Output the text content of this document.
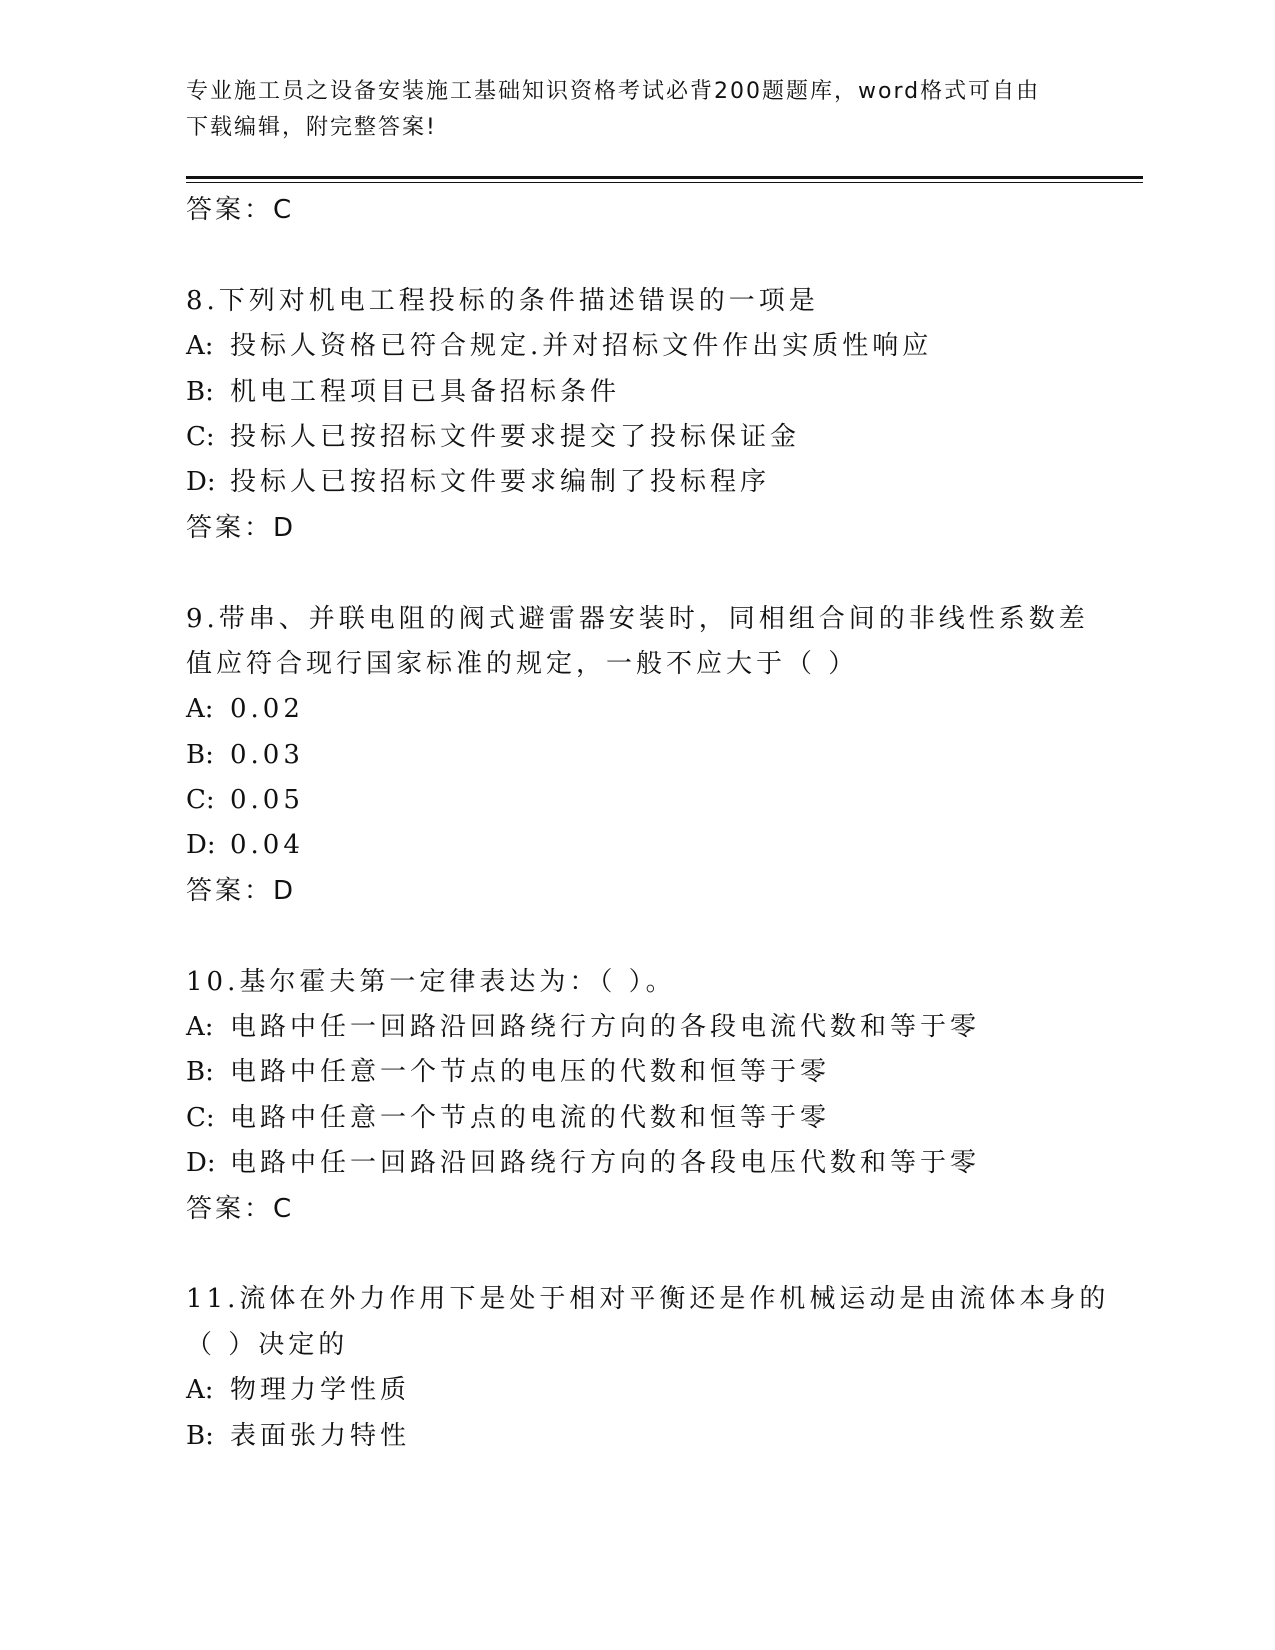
专业施工员之设备安装施工基础知识资格考试必背200题题库，word格式可自由
下载编辑，附完整答案!
答案：C
8.下列对机电工程投标的条件描述错误的一项是
A: 投标人资格已符合规定.并对招标文件作出实质性响应
B: 机电工程项目已具备招标条件
C: 投标人已按招标文件要求提交了投标保证金
D: 投标人已按招标文件要求编制了投标程序
答案：D
9.带串、并联电阻的阀式避雷器安装时，同相组合间的非线性系数差
值应符合现行国家标准的规定，一般不应大于（ ）
A: 0.02
B: 0.03
C: 0.05
D: 0.04
答案：D
10.基尔霍夫第一定律表达为：（ ）。
A: 电路中任一回路沿回路绕行方向的各段电流代数和等于零
B: 电路中任意一个节点的电压的代数和恒等于零
C: 电路中任意一个节点的电流的代数和恒等于零
D: 电路中任一回路沿回路绕行方向的各段电压代数和等于零
答案：C
11.流体在外力作用下是处于相对平衡还是作机械运动是由流体本身的
（ ）决定的
A: 物理力学性质
B: 表面张力特性
